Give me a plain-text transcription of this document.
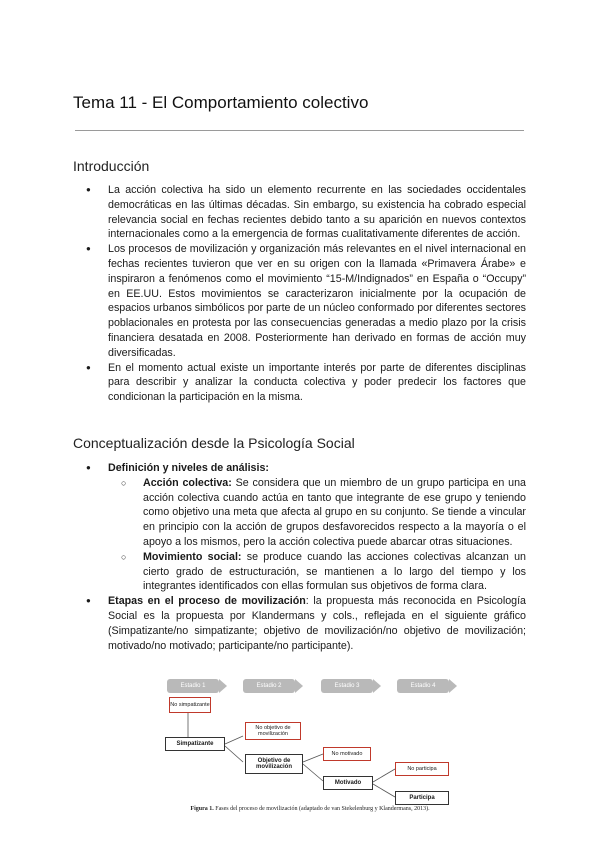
Tema 11 - El Comportamiento colectivo
Introducción
● La acción colectiva ha sido un elemento recurrente en las sociedades occidentales democráticas en las últimas décadas. Sin embargo, su existencia ha cobrado especial relevancia social en fechas recientes debido tanto a su aparición en nuevos contextos internacionales como a la emergencia de formas cualitativamente diferentes de acción.
● Los procesos de movilización y organización más relevantes en el nivel internacional en fechas recientes tuvieron que ver en su origen con la llamada «Primavera Árabe» e inspiraron a fenómenos como el movimiento “15-M/Indignados” en España o “Occupy” en EE.UU. Estos movimientos se caracterizaron inicialmente por la ocupación de espacios urbanos simbólicos por parte de un núcleo conformado por diferentes sectores poblacionales en protesta por las consecuencias generadas a medio plazo por la crisis financiera desatada en 2008. Posteriormente han derivado en formas de acción muy diversificadas.
● En el momento actual existe un importante interés por parte de diferentes disciplinas para describir y analizar la conducta colectiva y poder predecir los factores que condicionan la participación en la misma.
Conceptualización desde la Psicología Social
● Definición y niveles de análisis:
○ Acción colectiva: Se considera que un miembro de un grupo participa en una acción colectiva cuando actúa en tanto que integrante de ese grupo y teniendo como objetivo una meta que afecta al grupo en su conjunto. Se tiende a vincular en principio con la acción de grupos desfavorecidos respecto a la mayoría o el apoyo a los mismos, pero la acción colectiva puede abarcar otras situaciones.
○ Movimiento social: se produce cuando las acciones colectivas alcanzan un cierto grado de estructuración, se mantienen a lo largo del tiempo y los integrantes identificados con ellas formulan sus objetivos de forma clara.
● Etapas en el proceso de movilización: la propuesta más reconocida en Psicología Social es la propuesta por Klandermans y cols., reflejada en el siguiente gráfico (Simpatizante/no simpatizante; objetivo de movilización/no objetivo de movilización; motivado/no motivado; participante/no participante).
Estadio 1	Estadio 2	Estadio 3	Estadio 4
No simpatizante
Simpatizante
No objetivo de movilización
Objetivo de movilización
No motivado
Motivado
No participa
Participa
Figura 1. Fases del proceso de movilización (adaptado de van Stekelenburg y Klandermans, 2013).
